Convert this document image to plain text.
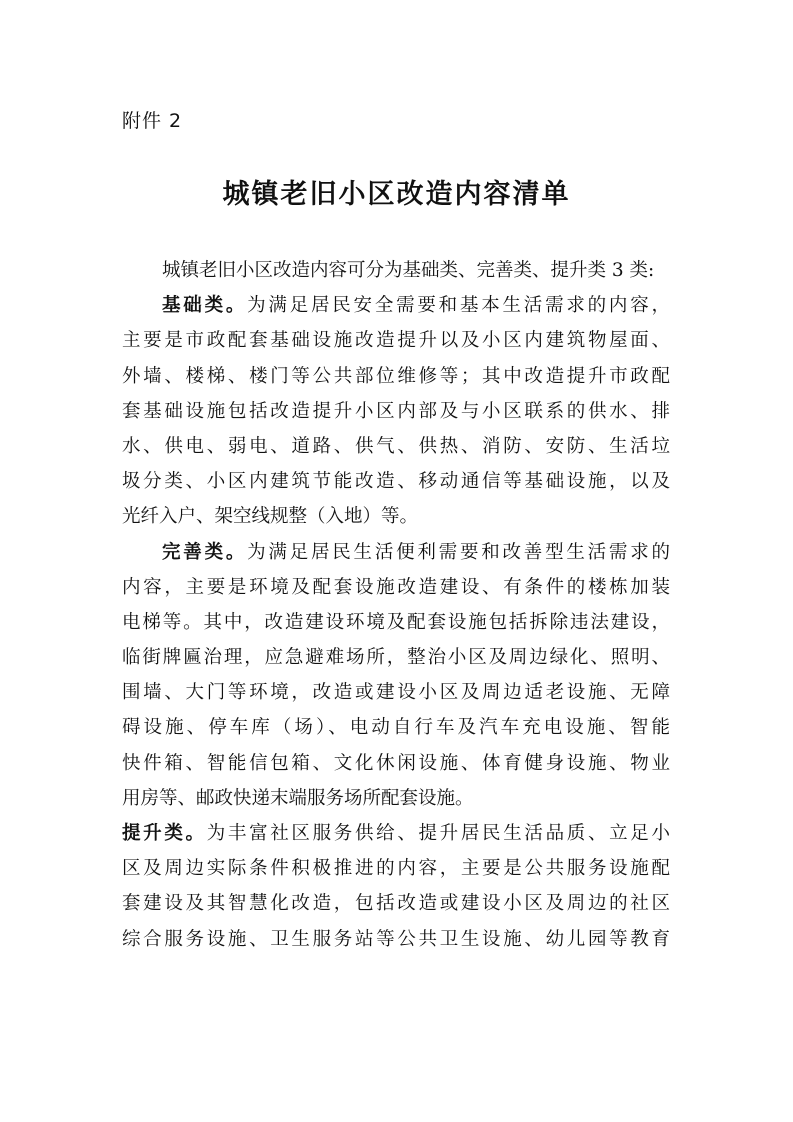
附件 2
城镇老旧小区改造内容清单
城镇老旧小区改造内容可分为基础类、完善类、提升类 3 类:
基础类。为满足居民安全需要和基本生活需求的内容，
主要是市政配套基础设施改造提升以及小区内建筑物屋面、
外墙、楼梯、楼门等公共部位维修等；其中改造提升市政配
套基础设施包括改造提升小区内部及与小区联系的供水、排
水、供电、弱电、道路、供气、供热、消防、安防、生活垃
圾分类、小区内建筑节能改造、移动通信等基础设施，以及
光纤入户、架空线规整（入地）等。
完善类。为满足居民生活便利需要和改善型生活需求的
内容，主要是环境及配套设施改造建设、有条件的楼栋加装
电梯等。其中，改造建设环境及配套设施包括拆除违法建设，
临街牌匾治理，应急避难场所，整治小区及周边绿化、照明、
围墙、大门等环境，改造或建设小区及周边适老设施、无障
碍设施、停车库（场）、电动自行车及汽车充电设施、智能
快件箱、智能信包箱、文化休闲设施、体育健身设施、物业
用房等、邮政快递末端服务场所配套设施。
提升类。为丰富社区服务供给、提升居民生活品质、立足小
区及周边实际条件积极推进的内容，主要是公共服务设施配
套建设及其智慧化改造，包括改造或建设小区及周边的社区
综合服务设施、卫生服务站等公共卫生设施、幼儿园等教育
